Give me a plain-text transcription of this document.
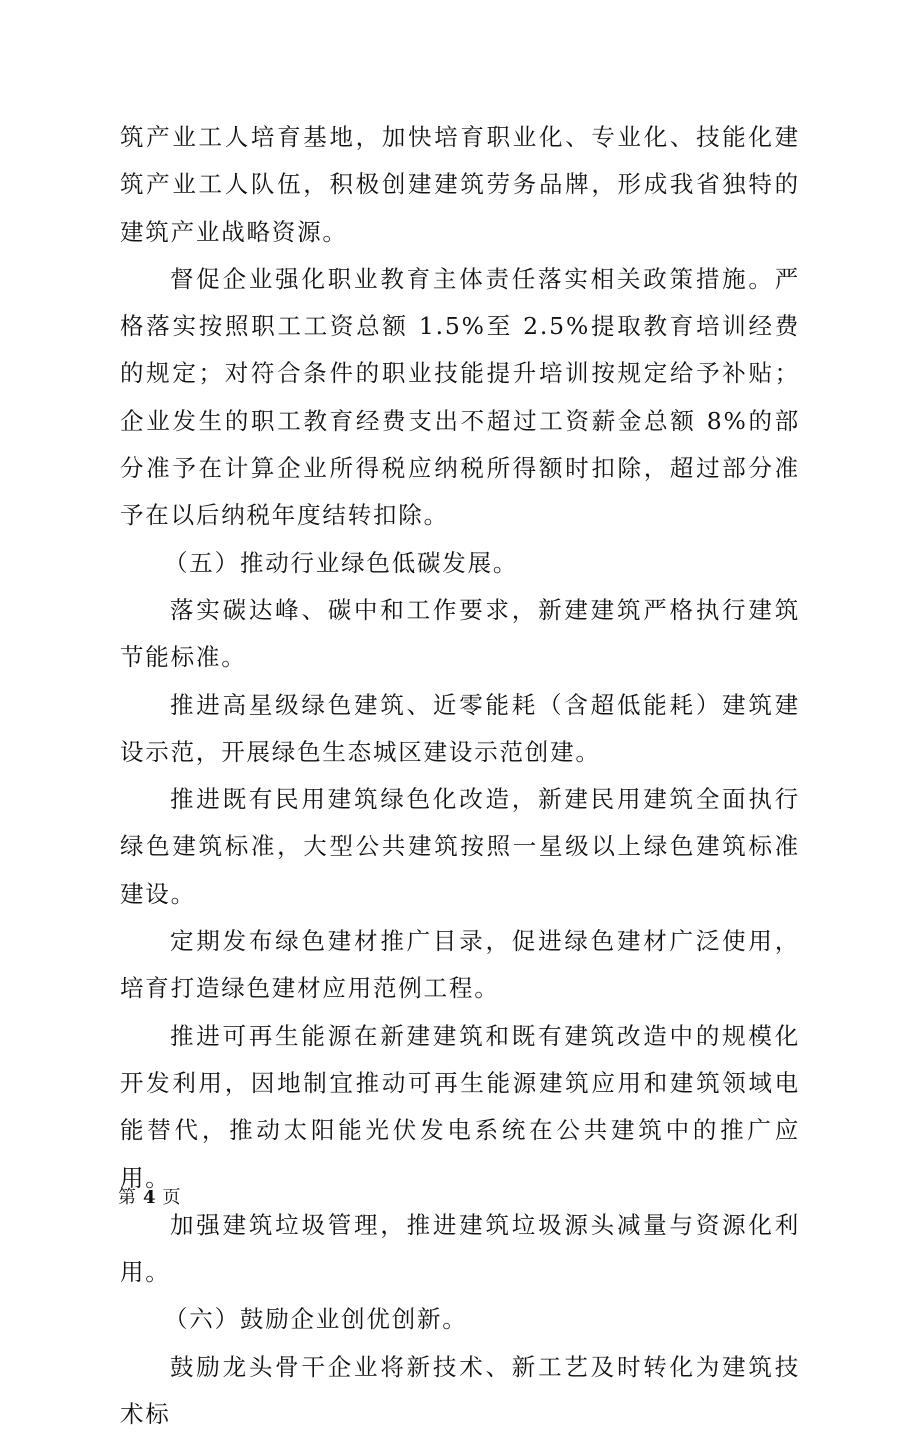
筑产业工人培育基地，加快培育职业化、专业化、技能化建筑产业工人队伍，积极创建建筑劳务品牌，形成我省独特的建筑产业战略资源。

督促企业强化职业教育主体责任落实相关政策措施。严格落实按照职工工资总额 1.5%至 2.5%提取教育培训经费的规定；对符合条件的职业技能提升培训按规定给予补贴；企业发生的职工教育经费支出不超过工资薪金总额 8%的部分准予在计算企业所得税应纳税所得额时扣除，超过部分准予在以后纳税年度结转扣除。

（五）推动行业绿色低碳发展。

落实碳达峰、碳中和工作要求，新建建筑严格执行建筑节能标准。

推进高星级绿色建筑、近零能耗（含超低能耗）建筑建设示范，开展绿色生态城区建设示范创建。

推进既有民用建筑绿色化改造，新建民用建筑全面执行绿色建筑标准，大型公共建筑按照一星级以上绿色建筑标准建设。

定期发布绿色建材推广目录，促进绿色建材广泛使用，培育打造绿色建材应用范例工程。

推进可再生能源在新建建筑和既有建筑改造中的规模化开发利用，因地制宜推动可再生能源建筑应用和建筑领域电能替代，推动太阳能光伏发电系统在公共建筑中的推广应用。

加强建筑垃圾管理，推进建筑垃圾源头减量与资源化利用。

（六）鼓励企业创优创新。

鼓励龙头骨干企业将新技术、新工艺及时转化为建筑技术标

第 4 页
